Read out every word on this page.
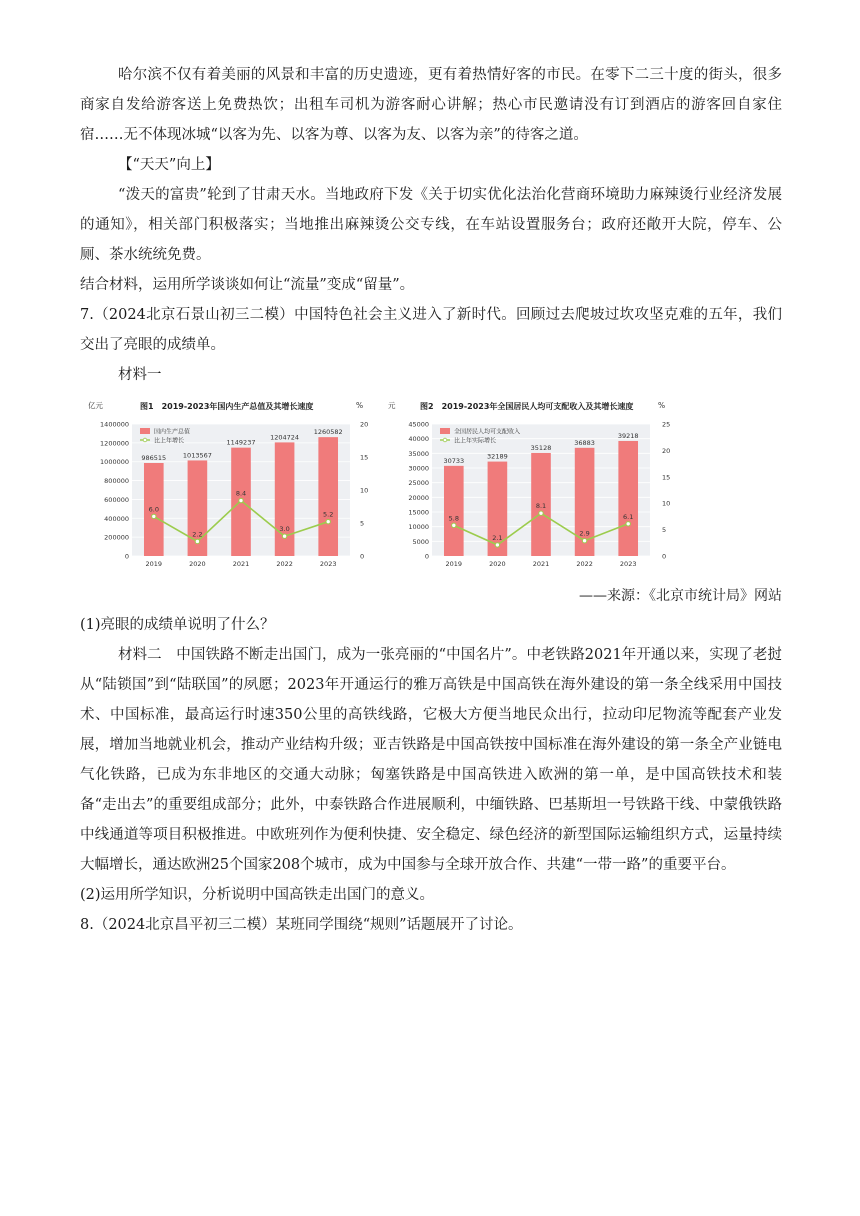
哈尔滨不仅有着美丽的风景和丰富的历史遗迹，更有着热情好客的市民。在零下二三十度的街头，很多商家自发给游客送上免费热饮；出租车司机为游客耐心讲解；热心市民邀请没有订到酒店的游客回自家住宿……无不体现冰城“以客为先、以客为尊、以客为友、以客为亲”的待客之道。

【“天天”向上】

“泼天的富贵”轮到了甘肃天水。当地政府下发《关于切实优化法治化营商环境助力麻辣烫行业经济发展的通知》，相关部门积极落实；当地推出麻辣烫公交专线，在车站设置服务台；政府还敞开大院，停车、公厕、茶水统统免费。

结合材料，运用所学谈谈如何让“流量”变成“留量”。

7.（2024北京石景山初三二模）中国特色社会主义进入了新时代。回顾过去爬坡过坎攻坚克难的五年，我们交出了亮眼的成绩单。

材料一

亿元	%
图1　2019-2023年国内生产总值及其增长速度
0
200000
400000
600000
800000
1000000
1200000
1400000
0
5
10
15
20
986515
2019
1013567
2020
1149237
2021
1204724
2022
1260582
2023
6.0
2.2
8.4
3.0
5.2
国内生产总值
比上年增长
元	%
图2　2019-2023年全国居民人均可支配收入及其增长速度
0
5000
10000
15000
20000
25000
30000
35000
40000
45000
0
5
10
15
20
25
30733
2019
32189
2020
35128
2021
36883
2022
39218
2023
5.8
2.1
8.1
2.9
6.1
全国居民人均可支配收入
比上年实际增长

——来源：《北京市统计局》网站

(1)亮眼的成绩单说明了什么？

材料二　中国铁路不断走出国门，成为一张亮丽的“中国名片”。中老铁路2021年开通以来，实现了老挝从“陆锁国”到“陆联国”的夙愿；2023年开通运行的雅万高铁是中国高铁在海外建设的第一条全线采用中国技术、中国标准，最高运行时速350公里的高铁线路，它极大方便当地民众出行，拉动印尼物流等配套产业发展，增加当地就业机会，推动产业结构升级；亚吉铁路是中国高铁按中国标准在海外建设的第一条全产业链电气化铁路，已成为东非地区的交通大动脉；匈塞铁路是中国高铁进入欧洲的第一单，是中国高铁技术和装备“走出去”的重要组成部分；此外，中泰铁路合作进展顺利，中缅铁路、巴基斯坦一号铁路干线、中蒙俄铁路中线通道等项目积极推进。中欧班列作为便利快捷、安全稳定、绿色经济的新型国际运输组织方式，运量持续大幅增长，通达欧洲25个国家208个城市，成为中国参与全球开放合作、共建“一带一路”的重要平台。

(2)运用所学知识，分析说明中国高铁走出国门的意义。

8.（2024北京昌平初三二模）某班同学围绕“规则”话题展开了讨论。
